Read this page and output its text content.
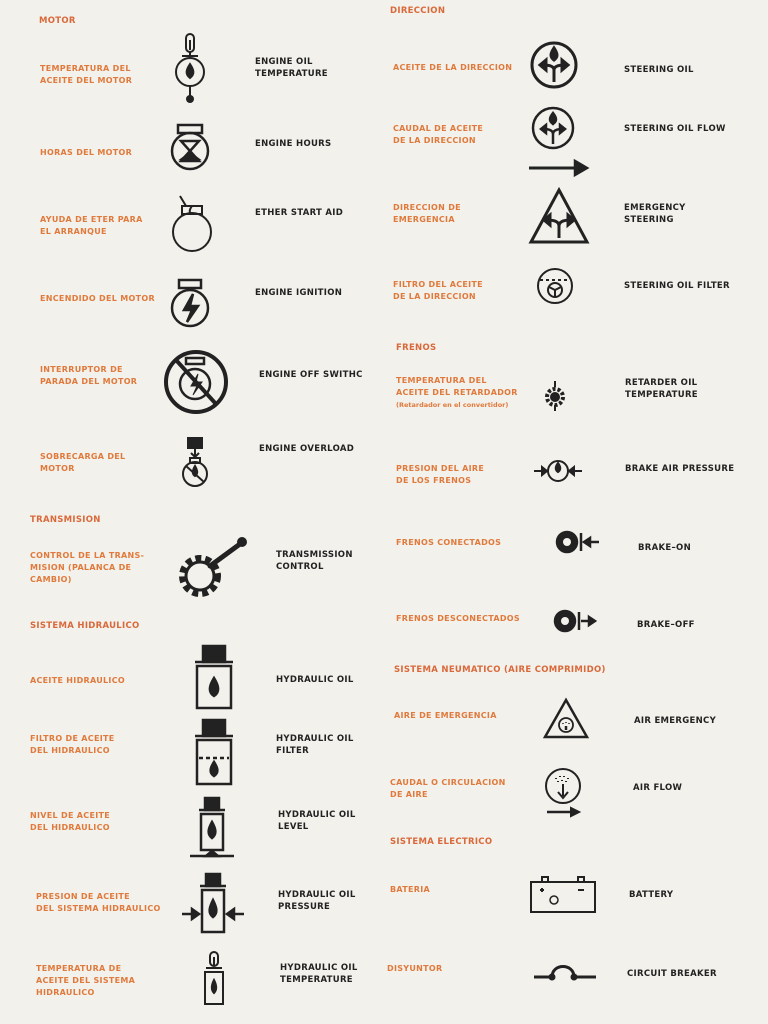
MOTOR
TEMPERATURA DEL
ACEITE DEL MOTOR
ENGINE OIL
TEMPERATURE
HORAS DEL MOTOR
ENGINE HOURS
AYUDA DE ETER PARA
EL ARRANQUE
ETHER START AID
ENCENDIDO DEL MOTOR
ENGINE IGNITION
INTERRUPTOR DE
PARADA DEL MOTOR
ENGINE OFF SWITHC
SOBRECARGA DEL
MOTOR
ENGINE OVERLOAD
TRANSMISION
CONTROL DE LA TRANS-
MISION (PALANCA DE
CAMBIO)
TRANSMISSION
CONTROL
SISTEMA HIDRAULICO
ACEITE HIDRAULICO	HYDRAULIC OIL
FILTRO DE ACEITE
DEL HIDRAULICO
HYDRAULIC OIL
FILTER
NIVEL DE ACEITE
DEL HIDRAULICO
HYDRAULIC OIL
LEVEL
PRESION DE ACEITE
DEL SISTEMA HIDRAULICO
HYDRAULIC OIL
PRESSURE
TEMPERATURA DE
ACEITE DEL SISTEMA
HIDRAULICO
HYDRAULIC OIL
TEMPERATURE
DIRECCION
ACEITE DE LA DIRECCION	STEERING OIL
CAUDAL DE ACEITE
DE LA DIRECCION
STEERING OIL FLOW
DIRECCION DE
EMERGENCIA
EMERGENCY
STEERING
FILTRO DEL ACEITE
DE LA DIRECCION
STEERING OIL FILTER
FRENOS
TEMPERATURA DEL
ACEITE DEL RETARDADOR
(Retardador en el convertidor)
RETARDER OIL
TEMPERATURE
PRESION DEL AIRE
DE LOS FRENOS
BRAKE AIR PRESSURE
FRENOS CONECTADOS
BRAKE–ON
FRENOS DESCONECTADOS
BRAKE–OFF
SISTEMA NEUMATICO (AIRE COMPRIMIDO)
AIRE DE EMERGENCIA
AIR EMERGENCY
CAUDAL O CIRCULACION
DE AIRE
AIR FLOW
SISTEMA ELECTRICO
BATERIA
BATTERY
DISYUNTOR
CIRCUIT BREAKER
